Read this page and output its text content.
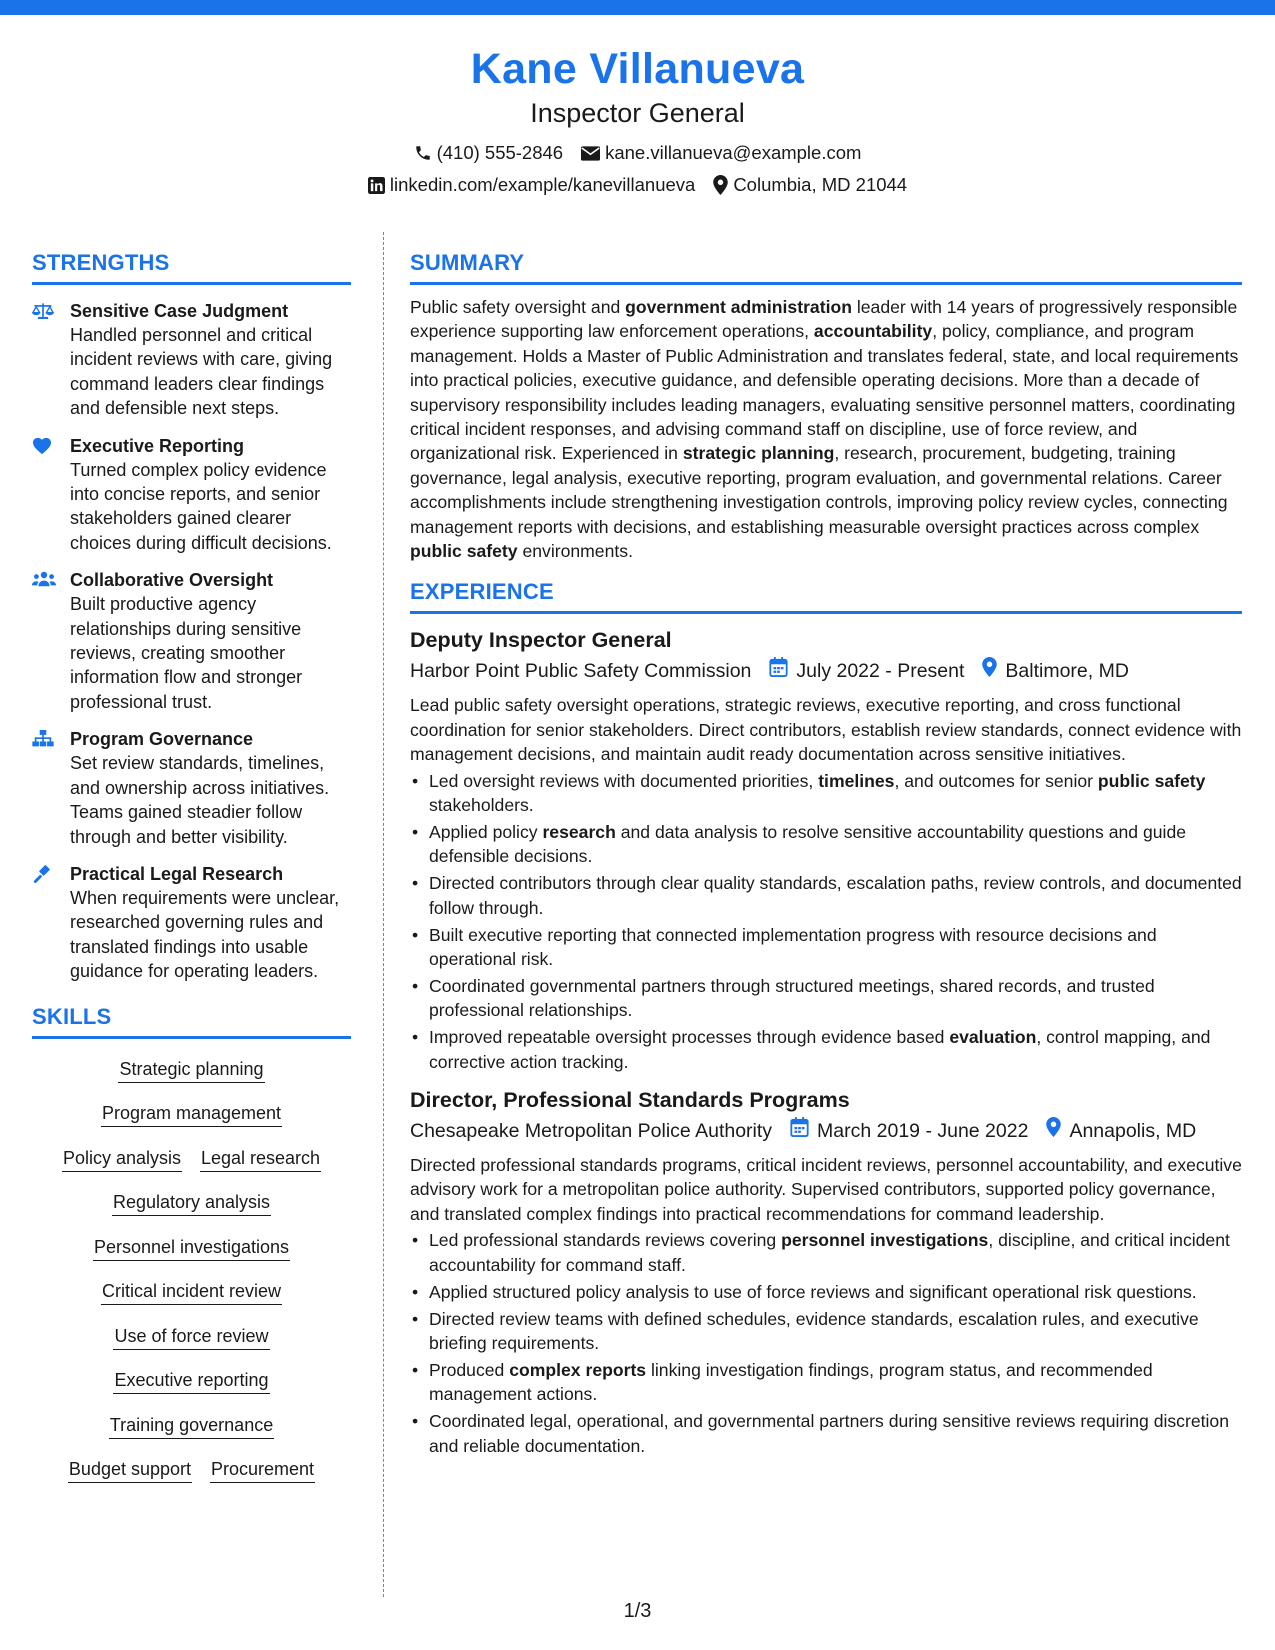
Kane Villanueva
Inspector General
(410) 555-2846 kane.villanueva@example.com
linkedin.com/example/kanevillanueva Columbia, MD 21044
STRENGTHS
Sensitive Case Judgment
Handled personnel and critical incident reviews with care, giving command leaders clear findings and defensible next steps.
Executive Reporting
Turned complex policy evidence into concise reports, and senior stakeholders gained clearer choices during difficult decisions.
Collaborative Oversight
Built productive agency relationships during sensitive reviews, creating smoother information flow and stronger professional trust.
Program Governance
Set review standards, timelines, and ownership across initiatives. Teams gained steadier follow through and better visibility.
Practical Legal Research
When requirements were unclear, researched governing rules and translated findings into usable guidance for operating leaders.
SKILLS
Strategic planning
Program management
Policy analysis Legal research
Regulatory analysis
Personnel investigations
Critical incident review
Use of force review
Executive reporting
Training governance
Budget support Procurement
SUMMARY
Public safety oversight and government administration leader with 14 years of progressively responsible experience supporting law enforcement operations, accountability, policy, compliance, and program management. Holds a Master of Public Administration and translates federal, state, and local requirements into practical policies, executive guidance, and defensible operating decisions. More than a decade of supervisory responsibility includes leading managers, evaluating sensitive personnel matters, coordinating critical incident responses, and advising command staff on discipline, use of force review, and organizational risk. Experienced in strategic planning, research, procurement, budgeting, training governance, legal analysis, executive reporting, program evaluation, and governmental relations. Career accomplishments include strengthening investigation controls, improving policy review cycles, connecting management reports with decisions, and establishing measurable oversight practices across complex public safety environments.
EXPERIENCE
Deputy Inspector General
Harbor Point Public Safety Commission July 2022 - Present Baltimore, MD
Lead public safety oversight operations, strategic reviews, executive reporting, and cross functional coordination for senior stakeholders. Direct contributors, establish review standards, connect evidence with management decisions, and maintain audit ready documentation across sensitive initiatives.
• Led oversight reviews with documented priorities, timelines, and outcomes for senior public safety stakeholders.
• Applied policy research and data analysis to resolve sensitive accountability questions and guide defensible decisions.
• Directed contributors through clear quality standards, escalation paths, review controls, and documented follow through.
• Built executive reporting that connected implementation progress with resource decisions and operational risk.
• Coordinated governmental partners through structured meetings, shared records, and trusted professional relationships.
• Improved repeatable oversight processes through evidence based evaluation, control mapping, and corrective action tracking.
Director, Professional Standards Programs
Chesapeake Metropolitan Police Authority March 2019 - June 2022 Annapolis, MD
Directed professional standards programs, critical incident reviews, personnel accountability, and executive advisory work for a metropolitan police authority. Supervised contributors, supported policy governance, and translated complex findings into practical recommendations for command leadership.
• Led professional standards reviews covering personnel investigations, discipline, and critical incident accountability for command staff.
• Applied structured policy analysis to use of force reviews and significant operational risk questions.
• Directed review teams with defined schedules, evidence standards, escalation rules, and executive briefing requirements.
• Produced complex reports linking investigation findings, program status, and recommended management actions.
• Coordinated legal, operational, and governmental partners during sensitive reviews requiring discretion and reliable documentation.
1/3
